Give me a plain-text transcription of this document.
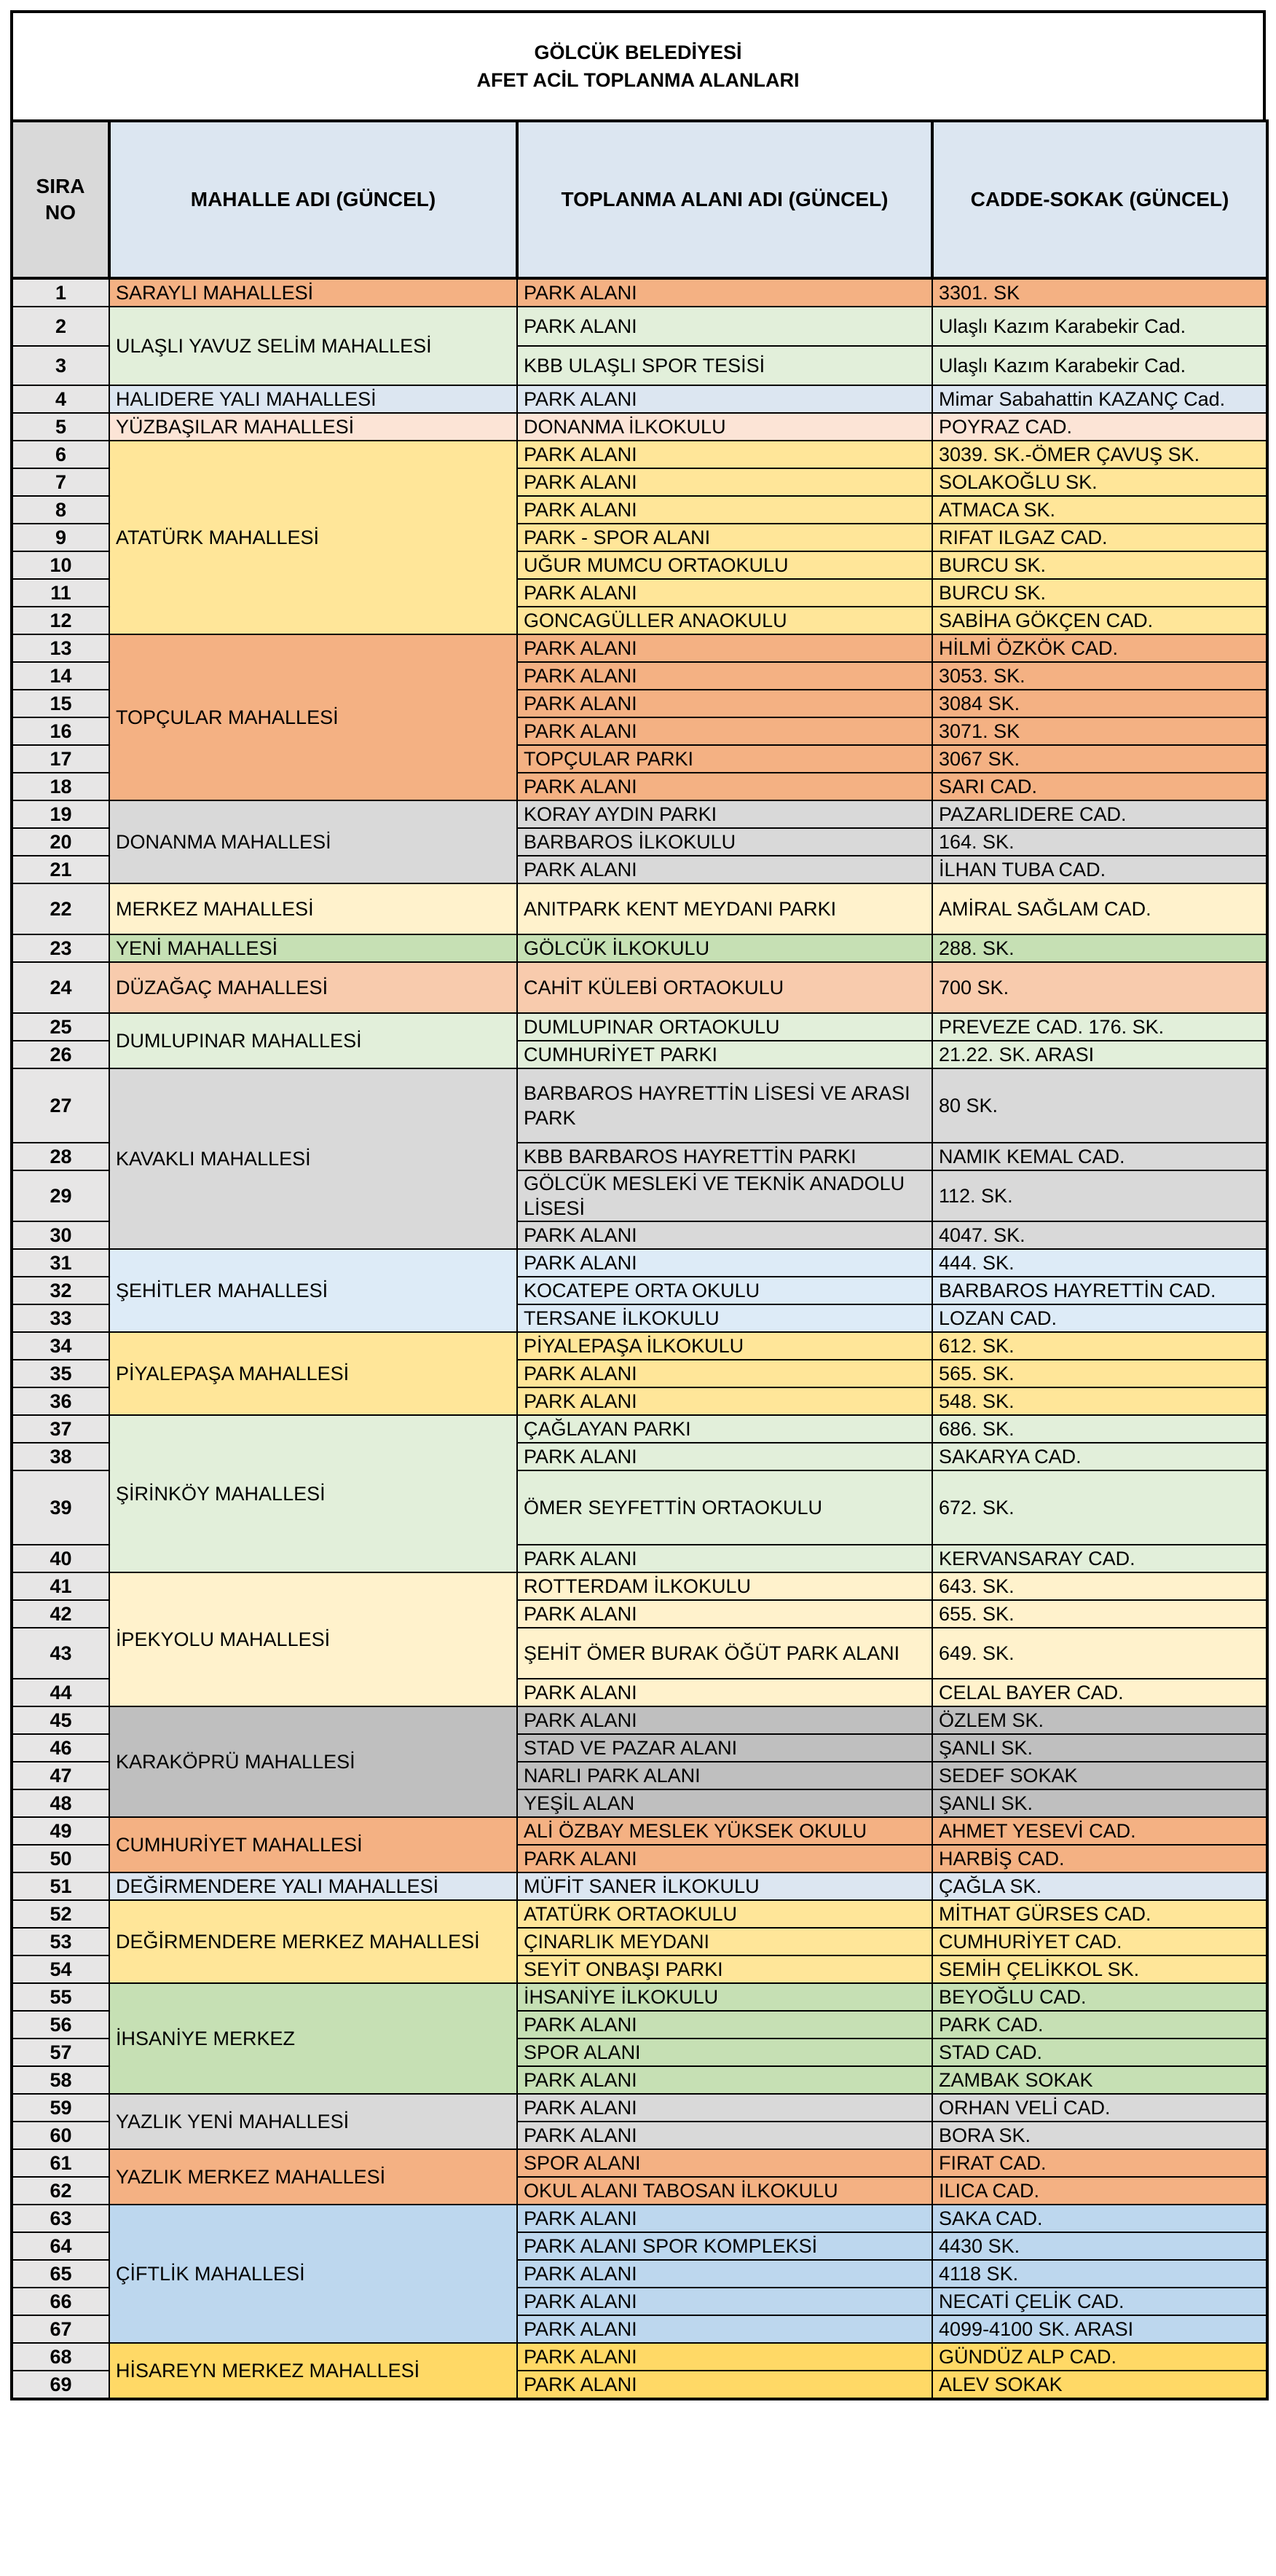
GÖLCÜK BELEDİYESİ
AFET ACİL TOPLANMA ALANLARI
SIRA NO	MAHALLE ADI (GÜNCEL)	TOPLANMA ALANI ADI (GÜNCEL)	CADDE-SOKAK (GÜNCEL)
1	SARAYLI MAHALLESİ	PARK ALANI	3301. SK
2	ULAŞLI YAVUZ SELİM MAHALLESİ	PARK ALANI	Ulaşlı Kazım Karabekir Cad.
3		KBB ULAŞLI SPOR TESİSİ	Ulaşlı Kazım Karabekir Cad.
4	HALIDERE YALI MAHALLESİ	PARK ALANI	Mimar Sabahattin KAZANÇ Cad.
5	YÜZBAŞILAR MAHALLESİ	DONANMA İLKOKULU	POYRAZ CAD.
6	ATATÜRK MAHALLESİ	PARK ALANI	3039. SK.-ÖMER ÇAVUŞ SK.
7		PARK ALANI	SOLAKOĞLU SK.
8		PARK ALANI	ATMACA SK.
9		PARK - SPOR ALANI	RIFAT ILGAZ CAD.
10		UĞUR MUMCU ORTAOKULU	BURCU SK.
11		PARK ALANI	BURCU SK.
12		GONCAGÜLLER ANAOKULU	SABİHA GÖKÇEN CAD.
13	TOPÇULAR MAHALLESİ	PARK ALANI	HİLMİ ÖZKÖK CAD.
14		PARK ALANI	3053. SK.
15		PARK ALANI	3084 SK.
16		PARK ALANI	3071. SK
17		TOPÇULAR PARKI	3067 SK.
18		PARK ALANI	SARI CAD.
19	DONANMA MAHALLESİ	KORAY AYDIN PARKI	PAZARLIDERE CAD.
20		BARBAROS İLKOKULU	164. SK.
21		PARK ALANI	İLHAN TUBA CAD.
22	MERKEZ MAHALLESİ	ANITPARK KENT MEYDANI PARKI	AMİRAL SAĞLAM CAD.
23	YENİ MAHALLESİ	GÖLCÜK İLKOKULU	288. SK.
24	DÜZAĞAÇ MAHALLESİ	CAHİT KÜLEBİ ORTAOKULU	700 SK.
25	DUMLUPINAR MAHALLESİ	DUMLUPINAR ORTAOKULU	PREVEZE CAD. 176. SK.
26		CUMHURİYET PARKI	21.22. SK. ARASI
27	KAVAKLI MAHALLESİ	BARBAROS HAYRETTİN LİSESİ VE ARASI PARK	80 SK.
28		KBB BARBAROS HAYRETTİN PARKI	NAMIK KEMAL CAD.
29		GÖLCÜK MESLEKİ VE TEKNİK ANADOLU LİSESİ	112. SK.
30		PARK ALANI	4047. SK.
31	ŞEHİTLER MAHALLESİ	PARK ALANI	444. SK.
32		KOCATEPE ORTA OKULU	BARBAROS HAYRETTİN CAD.
33		TERSANE İLKOKULU	LOZAN CAD.
34	PİYALEPAŞA MAHALLESİ	PİYALEPAŞA İLKOKULU	612. SK.
35		PARK ALANI	565. SK.
36		PARK ALANI	548. SK.
37	ŞİRİNKÖY MAHALLESİ	ÇAĞLAYAN PARKI	686. SK.
38		PARK ALANI	SAKARYA CAD.
39		ÖMER SEYFETTİN ORTAOKULU	672. SK.
40		PARK ALANI	KERVANSARAY CAD.
41	İPEKYOLU MAHALLESİ	ROTTERDAM İLKOKULU	643. SK.
42		PARK ALANI	655. SK.
43		ŞEHİT ÖMER BURAK ÖĞÜT PARK ALANI	649. SK.
44		PARK ALANI	CELAL BAYER CAD.
45	KARAKÖPRÜ MAHALLESİ	PARK ALANI	ÖZLEM SK.
46		STAD VE PAZAR ALANI	ŞANLI SK.
47		NARLI PARK ALANI	SEDEF SOKAK
48		YEŞİL ALAN	ŞANLI SK.
49	CUMHURİYET MAHALLESİ	ALİ ÖZBAY MESLEK YÜKSEK OKULU	AHMET YESEVİ CAD.
50		PARK ALANI	HARBİŞ CAD.
51	DEĞİRMENDERE YALI MAHALLESİ	MÜFİT SANER İLKOKULU	ÇAĞLA SK.
52	DEĞİRMENDERE MERKEZ MAHALLESİ	ATATÜRK ORTAOKULU	MİTHAT GÜRSES CAD.
53		ÇINARLIK MEYDANI	CUMHURİYET CAD.
54		SEYİT ONBAŞI PARKI	SEMİH ÇELİKKOL SK.
55	İHSANİYE MERKEZ	İHSANİYE İLKOKULU	BEYOĞLU CAD.
56		PARK ALANI	PARK CAD.
57		SPOR ALANI	STAD CAD.
58		PARK ALANI	ZAMBAK SOKAK
59	YAZLIK YENİ MAHALLESİ	PARK ALANI	ORHAN VELİ CAD.
60		PARK ALANI	BORA SK.
61	YAZLIK MERKEZ MAHALLESİ	SPOR ALANI	FIRAT CAD.
62		OKUL ALANI TABOSAN İLKOKULU	ILICA CAD.
63	ÇİFTLİK MAHALLESİ	PARK ALANI	SAKA CAD.
64		PARK ALANI SPOR KOMPLEKSİ	4430 SK.
65		PARK ALANI	4118 SK.
66		PARK ALANI	NECATİ ÇELİK CAD.
67		PARK ALANI	4099-4100 SK. ARASI
68	HİSAREYN MERKEZ MAHALLESİ	PARK ALANI	GÜNDÜZ ALP CAD.
69		PARK ALANI	ALEV SOKAK
